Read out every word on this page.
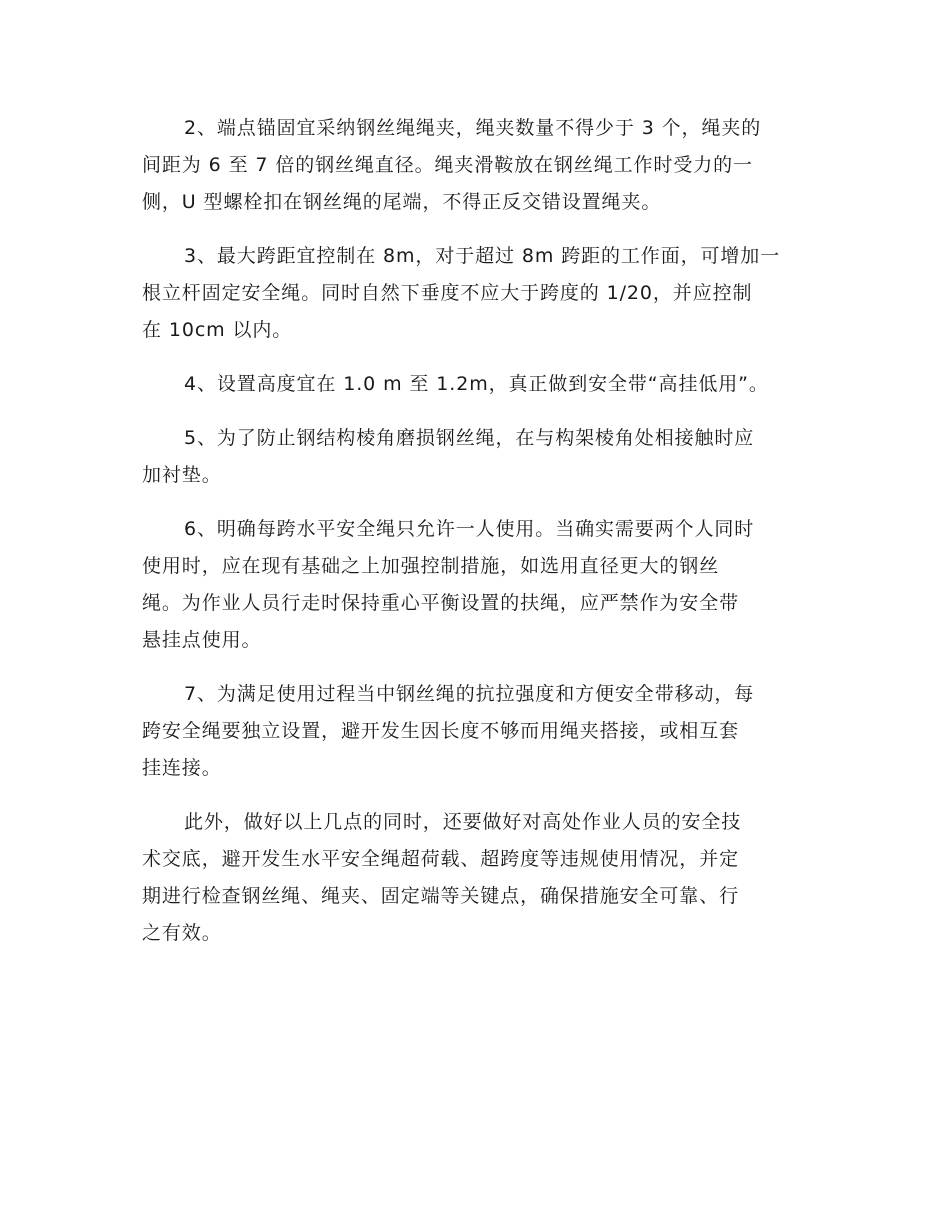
2、端点锚固宜采纳钢丝绳绳夹，绳夹数量不得少于 3 个，绳夹的
间距为 6 至 7 倍的钢丝绳直径。绳夹滑鞍放在钢丝绳工作时受力的一
侧，U 型螺栓扣在钢丝绳的尾端，不得正反交错设置绳夹。

3、最大跨距宜控制在 8m，对于超过 8m 跨距的工作面，可增加一
根立杆固定安全绳。同时自然下垂度不应大于跨度的 1/20，并应控制
在 10cm 以内。

4、设置高度宜在 1.0 m 至 1.2m，真正做到安全带“高挂低用”。

5、为了防止钢结构棱角磨损钢丝绳，在与构架棱角处相接触时应
加衬垫。

6、明确每跨水平安全绳只允许一人使用。当确实需要两个人同时
使用时，应在现有基础之上加强控制措施，如选用直径更大的钢丝
绳。为作业人员行走时保持重心平衡设置的扶绳，应严禁作为安全带
悬挂点使用。

7、为满足使用过程当中钢丝绳的抗拉强度和方便安全带移动，每
跨安全绳要独立设置，避开发生因长度不够而用绳夹搭接，或相互套
挂连接。

此外，做好以上几点的同时，还要做好对高处作业人员的安全技
术交底，避开发生水平安全绳超荷载、超跨度等违规使用情况，并定
期进行检查钢丝绳、绳夹、固定端等关键点，确保措施安全可靠、行
之有效。
